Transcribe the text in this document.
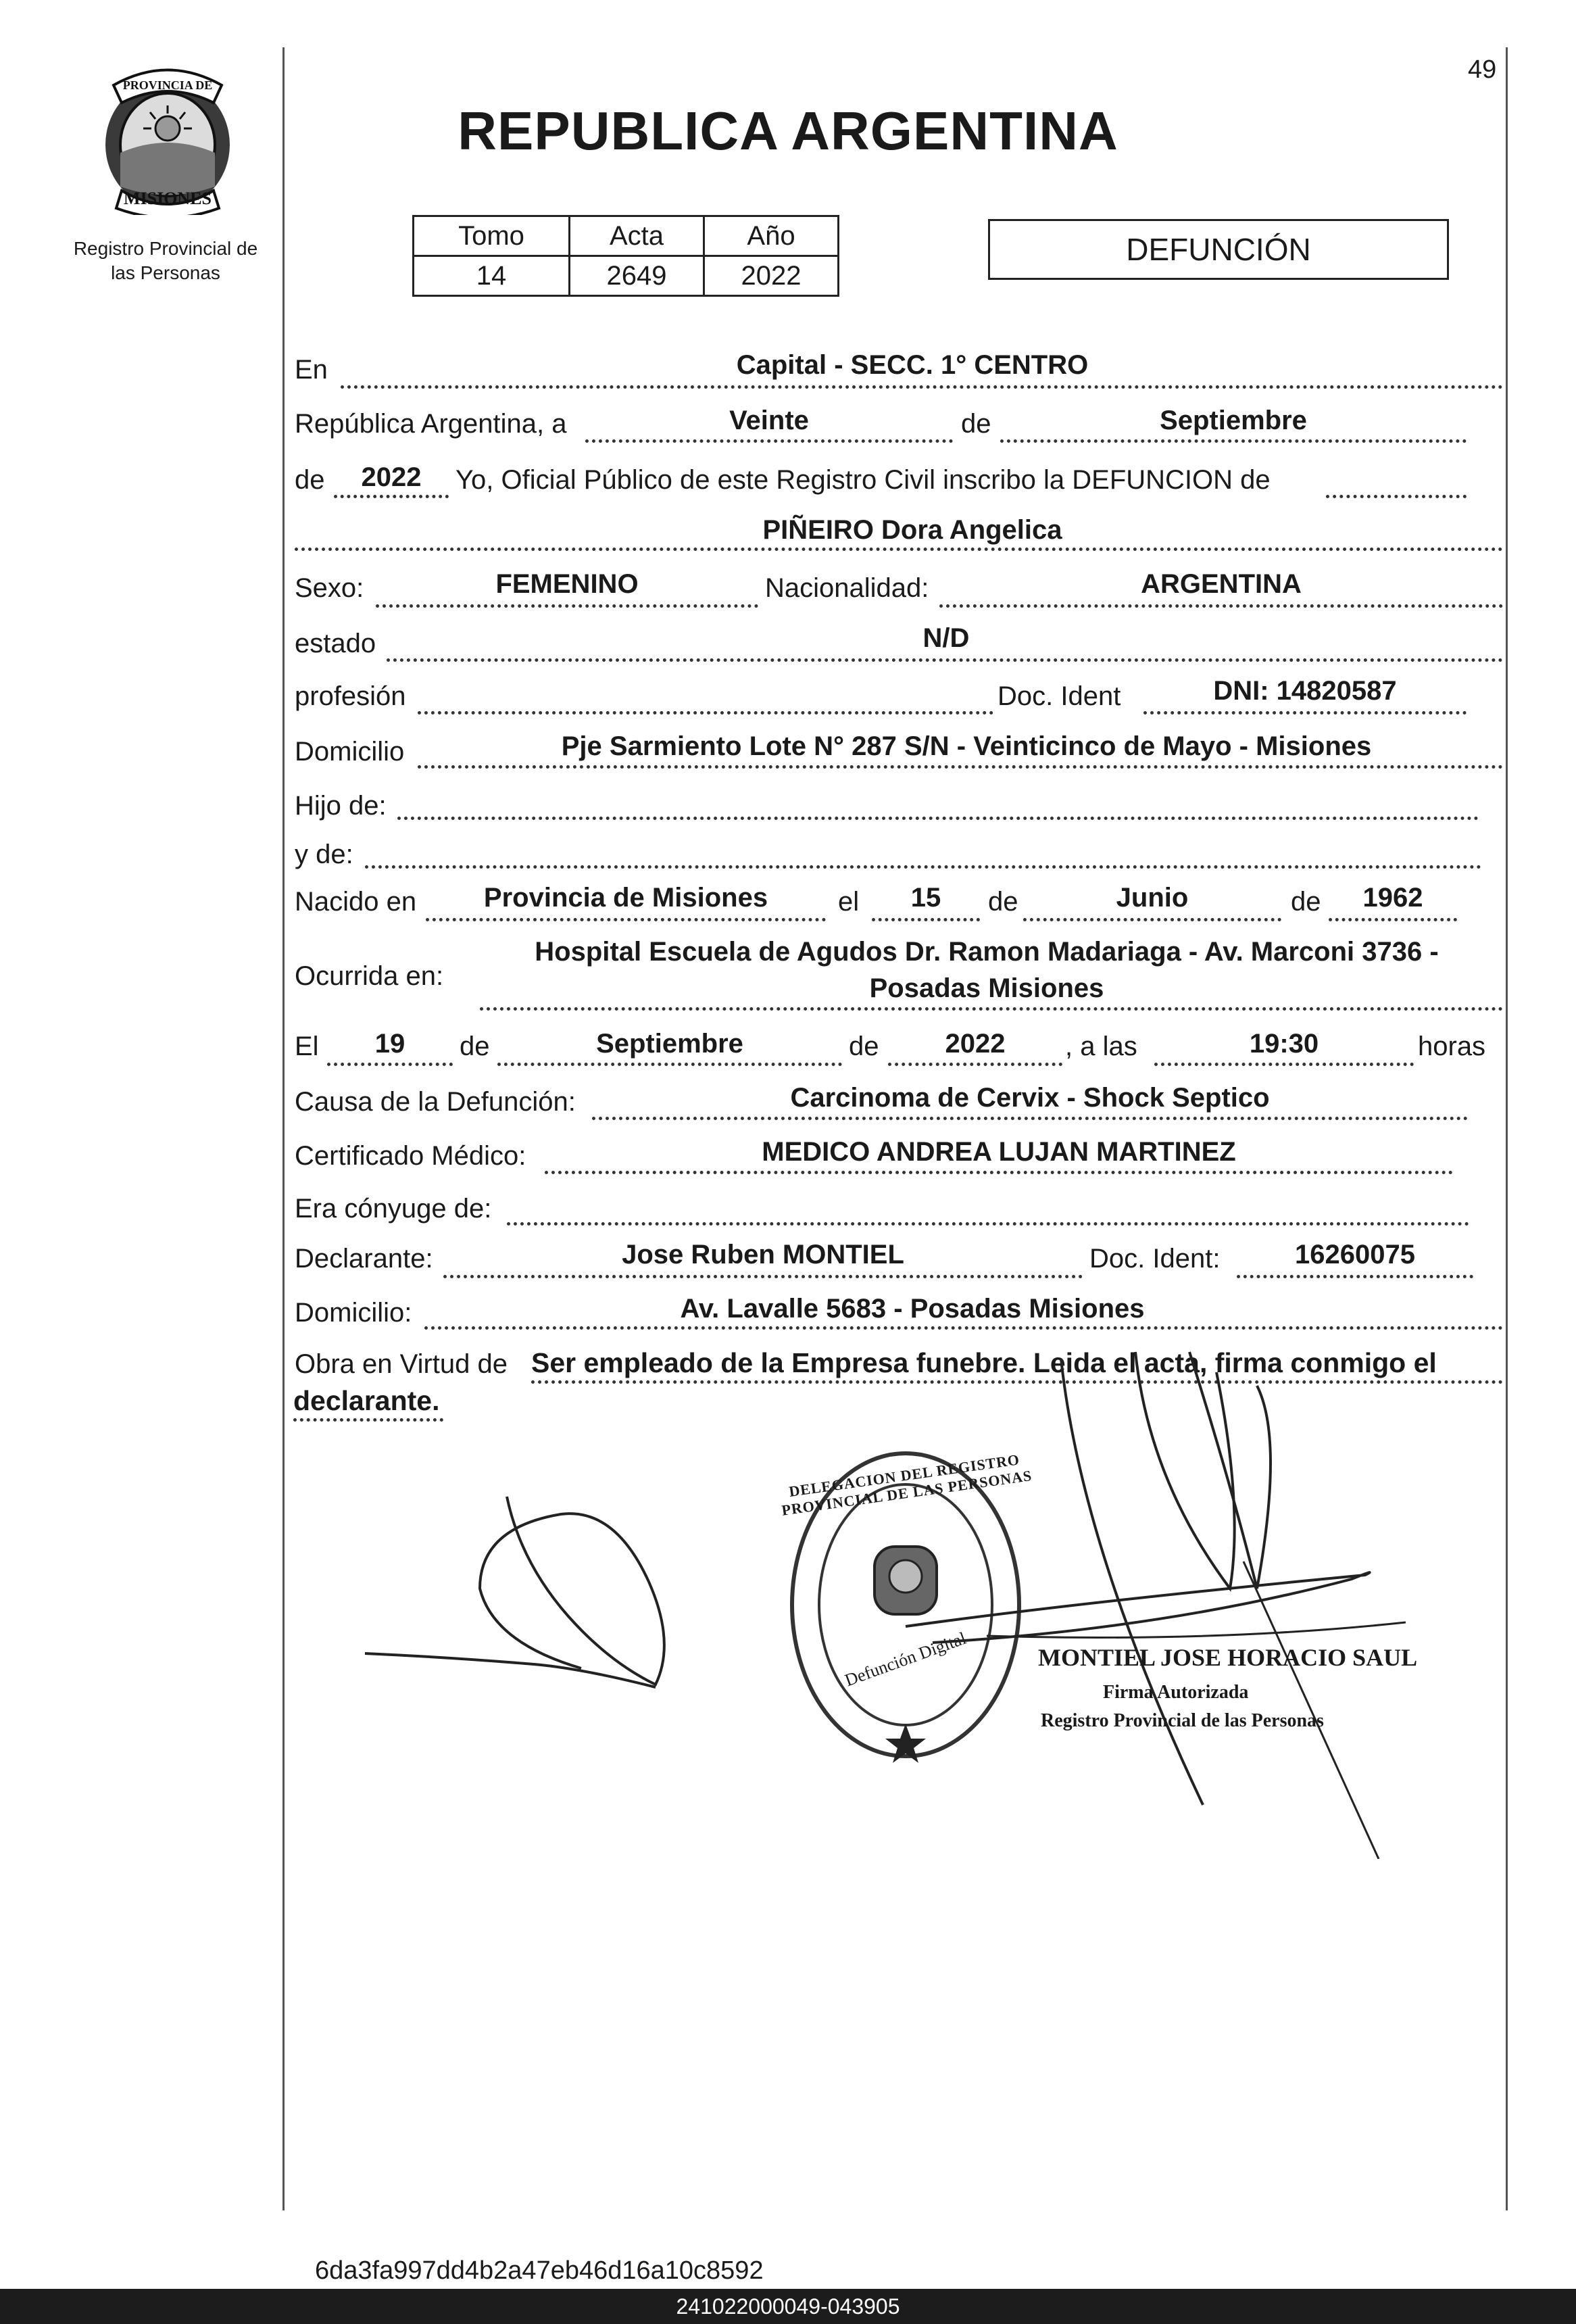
49
MISIONES
PROVINCIA DE
Registro Provincial de
las Personas
REPUBLICA ARGENTINA
Tomo	Acta	Año
14	2649	2022
DEFUNCIÓN
En	Capital - SECC. 1° CENTRO
República Argentina, a	Veinte	de	Septiembre
de	2022	Yo, Oficial Público de este Registro Civil inscribo la DEFUNCION de
PIÑEIRO Dora Angelica
Sexo:	FEMENINO	Nacionalidad:	ARGENTINA
estado	N/D
profesión	Doc. Ident	DNI: 14820587
Domicilio	Pje Sarmiento Lote N° 287 S/N - Veinticinco de Mayo - Misiones
Hijo de:
y de:
Nacido en	Provincia de Misiones	el	15	de	Junio	de	1962
Ocurrida en:
Hospital Escuela de Agudos Dr. Ramon Madariaga - Av. Marconi 3736 -
Posadas Misiones
El	19	de	Septiembre	de	2022	, a las	19:30	horas
Causa de la Defunción:	Carcinoma de Cervix - Shock Septico
Certificado Médico:	MEDICO ANDREA LUJAN MARTINEZ
Era cónyuge de:
Declarante:	Jose Ruben MONTIEL	Doc. Ident:	16260075
Domicilio:	Av. Lavalle 5683 - Posadas Misiones
Obra en Virtud de Ser empleado de la Empresa funebre. Leida el acta, firma conmigo el
declarante.
DELEGACION DEL REGISTRO PROVINCIAL DE LAS PERSONAS
Defunción Digital	MONTIEL JOSE HORACIO SAUL
Firma Autorizada
Registro Provincial de las Personas
6da3fa997dd4b2a47eb46d16a10c8592
241022000049-043905
